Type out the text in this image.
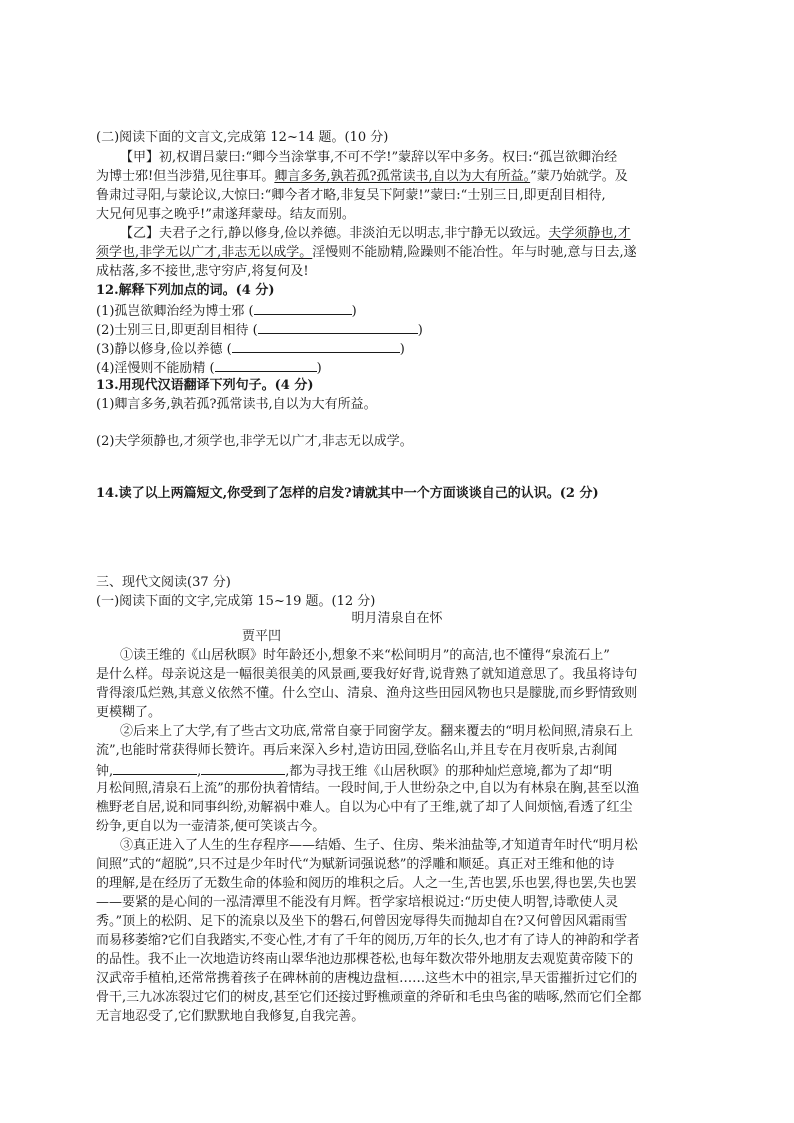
(二)阅读下面的文言文,完成第 12~14 题。(10 分)
【甲】初,权谓吕蒙曰:“卿今当涂掌事,不可不学!”蒙辞以军中多务。权曰:“孤岂欲卿治经
为博士邪!但当涉猎,见往事耳。卿言多务,孰若孤?孤常读书,自以为大有所益。”蒙乃始就学。及
鲁肃过寻阳,与蒙论议,大惊曰:“卿今者才略,非复吴下阿蒙!”蒙曰:“士别三日,即更刮目相待,
大兄何见事之晚乎!”肃遂拜蒙母。结友而别。
【乙】夫君子之行,静以修身,俭以养德。非淡泊无以明志,非宁静无以致远。夫学须静也,才
须学也,非学无以广才,非志无以成学。淫慢则不能励精,险躁则不能冶性。年与时驰,意与日去,遂
成枯落,多不接世,悲守穷庐,将复何及!
12.解释下列加点的词。(4 分)
(1)孤岂欲卿治经为博士邪 (	)
(2)士别三日,即更刮目相待 (	)
(3)静以修身,俭以养德 (	)
(4)淫慢则不能励精 (	)
13.用现代汉语翻译下列句子。(4 分)
(1)卿言多务,孰若孤?孤常读书,自以为大有所益。
(2)夫学须静也,才须学也,非学无以广才,非志无以成学。
14.读了以上两篇短文,你受到了怎样的启发?请就其中一个方面谈谈自己的认识。(2 分)
三、现代文阅读(37 分)
(一)阅读下面的文字,完成第 15~19 题。(12 分)
明月清泉自在怀
贾平凹
①读王维的《山居秋暝》时年龄还小,想象不来“松间明月”的高洁,也不懂得“泉流石上”
是什么样。母亲说这是一幅很美很美的风景画,要我好好背,说背熟了就知道意思了。我虽将诗句
背得滚瓜烂熟,其意义依然不懂。什么空山、清泉、渔舟这些田园风物也只是朦胧,而乡野情致则
更模糊了。
②后来上了大学,有了些古文功底,常常自豪于同窗学友。翻来覆去的“明月松间照,清泉石上
流”,也能时常获得师长赞许。再后来深入乡村,造访田园,登临名山,并且专在月夜听泉,古刹闻
钟,	,	,都为寻找王维《山居秋暝》的那种灿烂意境,都为了却“明
月松间照,清泉石上流”的那份执着情结。一段时间,于人世纷杂之中,自以为有林泉在胸,甚至以渔
樵野老自居,说和同事纠纷,劝解祸中难人。自以为心中有了王维,就了却了人间烦恼,看透了红尘
纷争,更自以为一壶清茶,便可笑谈古今。
③真正进入了人生的生存程序——结婚、生子、住房、柴米油盐等,才知道青年时代“明月松
间照”式的“超脱”,只不过是少年时代“为赋新词强说愁”的浮雕和顺延。真正对王维和他的诗
的理解,是在经历了无数生命的体验和阅历的堆积之后。人之一生,苦也罢,乐也罢,得也罢,失也罢
——要紧的是心间的一泓清潭里不能没有月辉。哲学家培根说过:“历史使人明智,诗歌使人灵
秀。”顶上的松阴、足下的流泉以及坐下的磐石,何曾因宠辱得失而抛却自在?又何曾因风霜雨雪
而易移萎缩?它们自我踏实,不变心性,才有了千年的阅历,万年的长久,也才有了诗人的神韵和学者
的品性。我不止一次地造访终南山翠华池边那棵苍松,也每年数次带外地朋友去观览黄帝陵下的
汉武帝手植柏,还常常携着孩子在碑林前的唐槐边盘桓……这些木中的祖宗,旱天雷摧折过它们的
骨干,三九冰冻裂过它们的树皮,甚至它们还接过野樵顽童的斧斫和毛虫鸟雀的啮啄,然而它们全都
无言地忍受了,它们默默地自我修复,自我完善。
